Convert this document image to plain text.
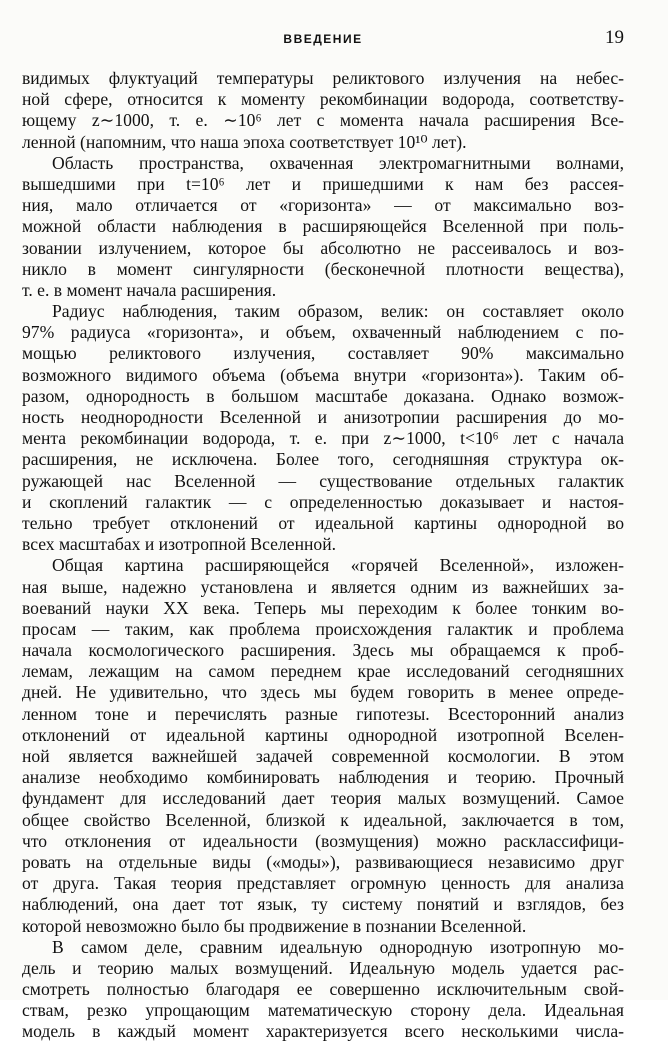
ВВЕДЕНИЕ	19
видимых флуктуаций температуры реликтового излучения на небес-
ной сфере, относится к моменту рекомбинации водорода, соответству-
ющему z∼1000, т. е. ∼10⁶ лет с момента начала расширения Все-
ленной (напомним, что наша эпоха соответствует 10¹⁰ лет).
Область пространства, охваченная электромагнитными волнами,
вышедшими при t=10⁶ лет и пришедшими к нам без рассея-
ния, мало отличается от «горизонта» — от максимально воз-
можной области наблюдения в расширяющейся Вселенной при поль-
зовании излучением, которое бы абсолютно не рассеивалось и воз-
никло в момент сингулярности (бесконечной плотности вещества),
т. е. в момент начала расширения.
Радиус наблюдения, таким образом, велик: он составляет около
97% радиуса «горизонта», и объем, охваченный наблюдением с по-
мощью реликтового излучения, составляет 90% максимально
возможного видимого объема (объема внутри «горизонта»). Таким об-
разом, однородность в большом масштабе доказана. Однако возмож-
ность неоднородности Вселенной и анизотропии расширения до мо-
мента рекомбинации водорода, т. е. при z∼1000, t<10⁶ лет с начала
расширения, не исключена. Более того, сегодняшняя структура ок-
ружающей нас Вселенной — существование отдельных галактик
и скоплений галактик — с определенностью доказывает и настоя-
тельно требует отклонений от идеальной картины однородной во
всех масштабах и изотропной Вселенной.
Общая картина расширяющейся «горячей Вселенной», изложен-
ная выше, надежно установлена и является одним из важнейших за-
воеваний науки XX века. Теперь мы переходим к более тонким во-
просам — таким, как проблема происхождения галактик и проблема
начала космологического расширения. Здесь мы обращаемся к проб-
лемам, лежащим на самом переднем крае исследований сегодняшних
дней. Не удивительно, что здесь мы будем говорить в менее опреде-
ленном тоне и перечислять разные гипотезы. Всесторонний анализ
отклонений от идеальной картины однородной изотропной Вселен-
ной является важнейшей задачей современной космологии. В этом
анализе необходимо комбинировать наблюдения и теорию. Прочный
фундамент для исследований дает теория малых возмущений. Самое
общее свойство Вселенной, близкой к идеальной, заключается в том,
что отклонения от идеальности (возмущения) можно расклассифици-
ровать на отдельные виды («моды»), развивающиеся независимо друг
от друга. Такая теория представляет огромную ценность для анализа
наблюдений, она дает тот язык, ту систему понятий и взглядов, без
которой невозможно было бы продвижение в познании Вселенной.
В самом деле, сравним идеальную однородную изотропную мо-
дель и теорию малых возмущений. Идеальную модель удается рас-
смотреть полностью благодаря ее совершенно исключительным свой-
ствам, резко упрощающим математическую сторону дела. Идеальная
модель в каждый момент характеризуется всего несколькими числа-
